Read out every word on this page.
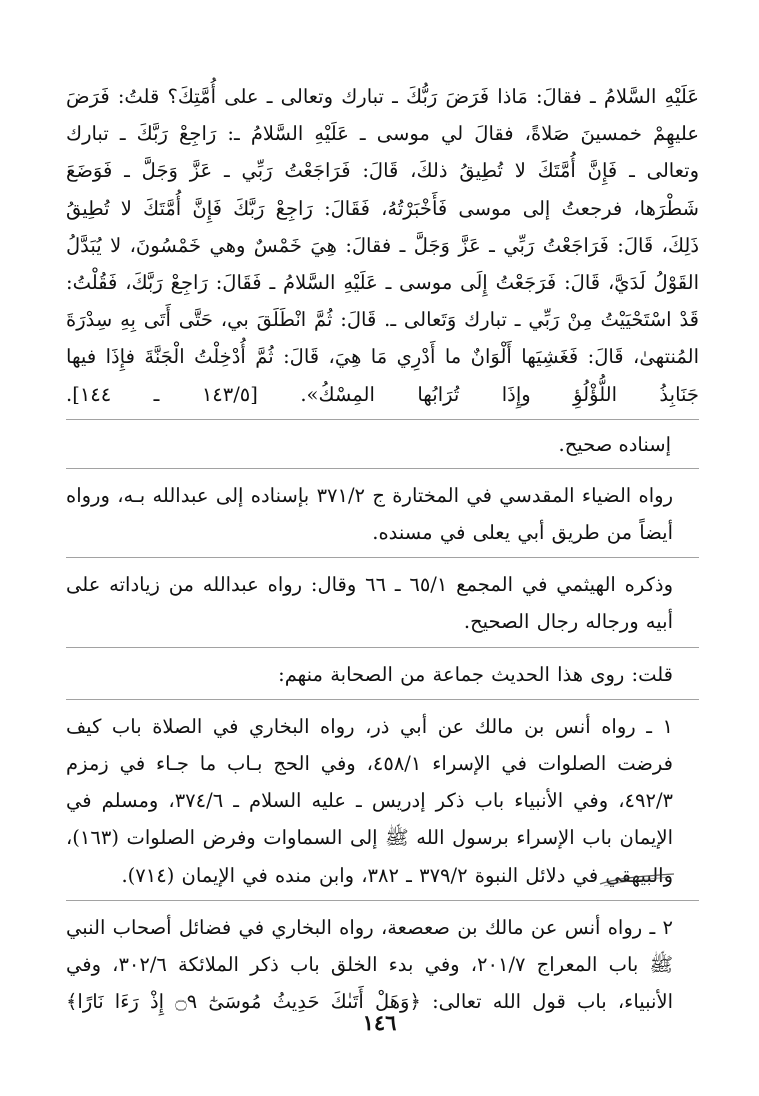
عَلَيْهِ السَّلامُ ـ فقالَ: مَاذا فَرَضَ رَبُّكَ ـ تبارك وتعالى ـ على أُمَّتِكَ؟ قلتُ: فَرَضَ عليهِمْ خمسينَ صَلاةً، فقالَ لي موسى ـ عَلَيْهِ السَّلامُ ـ: رَاجِعْ رَبَّكَ ـ تبارك وتعالى ـ فَإِنَّ أُمَّتَكَ لا تُطِيقُ ذلكَ، قَالَ: فَرَاجَعْتُ رَبِّي ـ عَزَّ وَجَلَّ ـ فَوَضَعَ شَطْرَها، فرجعتُ إلى موسى فَأَخْبَرْتُهُ، فَقَالَ: رَاجِعْ رَبَّكَ فَإِنَّ أُمَّتَكَ لا تُطِيقُ ذَلِكَ، قَالَ: فَرَاجَعْتُ رَبِّي ـ عَزَّ وَجَلَّ ـ فقالَ: هِيَ خَمْسٌ وهي خَمْسُونَ، لا يُبَدَّلُ القَوْلُ لَدَيَّ، قَالَ: فَرَجَعْتُ إِلَى موسى ـ عَلَيْهِ السَّلامُ ـ فَقَالَ: رَاجِعْ رَبَّكَ، فَقُلْتُ: قَدْ اسْتَحْيَيْتُ مِنْ رَبِّي ـ تبارك وَتَعالى ـ. قَالَ: ثُمَّ انْطَلَقَ بي، حَتَّى أَتَى بِهِ سِدْرَةَ المُنتهىٰ، قَالَ: فَغَشِيَها أَلْوَانٌ ما أَدْرِي مَا هِيَ، قَالَ: ثُمَّ أُدْخِلْتُ الْجَنَّةَ فإِذَا فيها جَنَابِذُ اللُّؤْلُؤِ وإِذَا تُرَابُها المِسْكُ». [١٤٣/٥ ـ ١٤٤].

إسناده صحيح.

رواه الضياء المقدسي في المختارة ج ٣٧١/٢ بإسناده إلى عبدالله بـه، ورواه أيضاً من طريق أبي يعلى في مسنده.

وذكره الهيثمي في المجمع ٦٥/١ ـ ٦٦ وقال: رواه عبدالله من زياداته على أبيه ورجاله رجال الصحيح.

قلت: روى هذا الحديث جماعة من الصحابة منهم:

١ ـ رواه أنس بن مالك عن أبي ذر، رواه البخاري في الصلاة باب كيف فرضت الصلوات في الإسراء ٤٥٨/١، وفي الحج بـاب ما جـاء في زمزم ٤٩٢/٣، وفي الأنبياء باب ذكر إدريس ـ عليه السلام ـ ٣٧٤/٦، ومسلم في الإيمان باب الإسراء برسول الله ﷺ إلى السماوات وفرض الصلوات (١٦٣)، والبيهقي في دلائل النبوة ٣٧٩/٢ ـ ٣٨٢، وابن منده في الإيمان (٧١٤).

٢ ـ رواه أنس عن مالك بن صعصعة، رواه البخاري في فضائل أصحاب النبي ﷺ باب المعراج ٢٠١/٧، وفي بدء الخلق باب ذكر الملائكة ٣٠٢/٦، وفي الأنبياء، باب قول الله تعالى: ﴿وَهَلْ أَتَىٰكَ حَدِيثُ مُوسَىٰٓ ۝٩ إِذْ رَءَا نَارًا﴾

١٤٦
